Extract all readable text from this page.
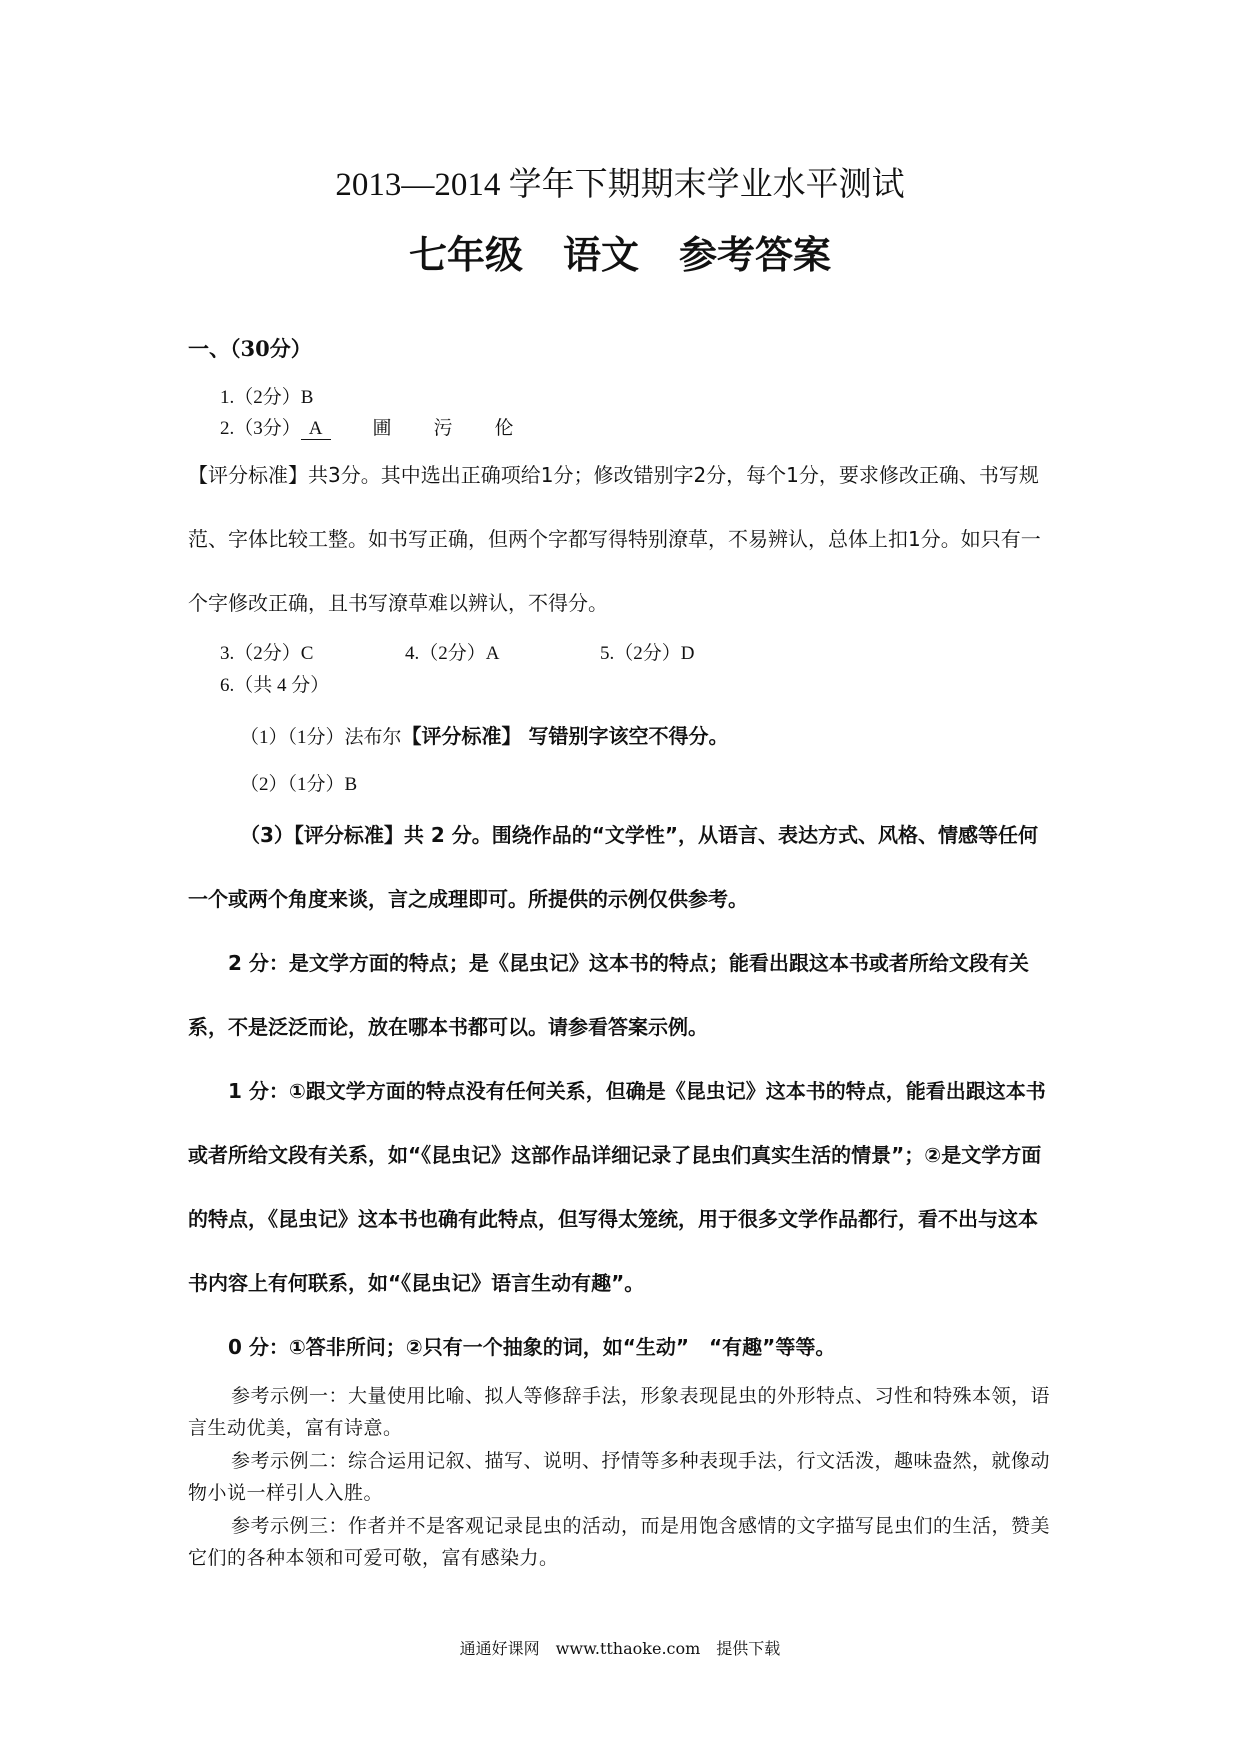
2013—2014 学年下期期末学业水平测试
七年级 语文 参考答案
一、（30分）
1.（2分）B
2.（3分） A	圃 污 伦
【评分标准】共3分。其中选出正确项给1分；修改错别字2分，每个1分，要求修改正确、书写规范、字体比较工整。如书写正确，但两个字都写得特别潦草，不易辨认，总体上扣1分。如只有一个字修改正确，且书写潦草难以辨认，不得分。
3.（2分）C	4.（2分）A	5.（2分）D
6.（共 4 分）
（1）（1分）法布尔【评分标准】 写错别字该空不得分。
（2）（1分）B
（3）【评分标准】共 2 分。围绕作品的“文学性”，从语言、表达方式、风格、情感等任何一个或两个角度来谈，言之成理即可。所提供的示例仅供参考。
2 分：是文学方面的特点；是《昆虫记》这本书的特点；能看出跟这本书或者所给文段有关系，不是泛泛而论，放在哪本书都可以。请参看答案示例。
1 分：①跟文学方面的特点没有任何关系，但确是《昆虫记》这本书的特点，能看出跟这本书或者所给文段有关系，如“《昆虫记》这部作品详细记录了昆虫们真实生活的情景”；②是文学方面的特点，《昆虫记》这本书也确有此特点，但写得太笼统，用于很多文学作品都行，看不出与这本书内容上有何联系，如“《昆虫记》语言生动有趣”。
0 分：①答非所问；②只有一个抽象的词，如“生动”　“有趣”等等。
参考示例一：大量使用比喻、拟人等修辞手法，形象表现昆虫的外形特点、习性和特殊本领，语言生动优美，富有诗意。
参考示例二：综合运用记叙、描写、说明、抒情等多种表现手法，行文活泼，趣味盎然，就像动物小说一样引人入胜。
参考示例三：作者并不是客观记录昆虫的活动，而是用饱含感情的文字描写昆虫们的生活，赞美它们的各种本领和可爱可敬，富有感染力。
通通好课网　www.tthaoke.com　提供下载
